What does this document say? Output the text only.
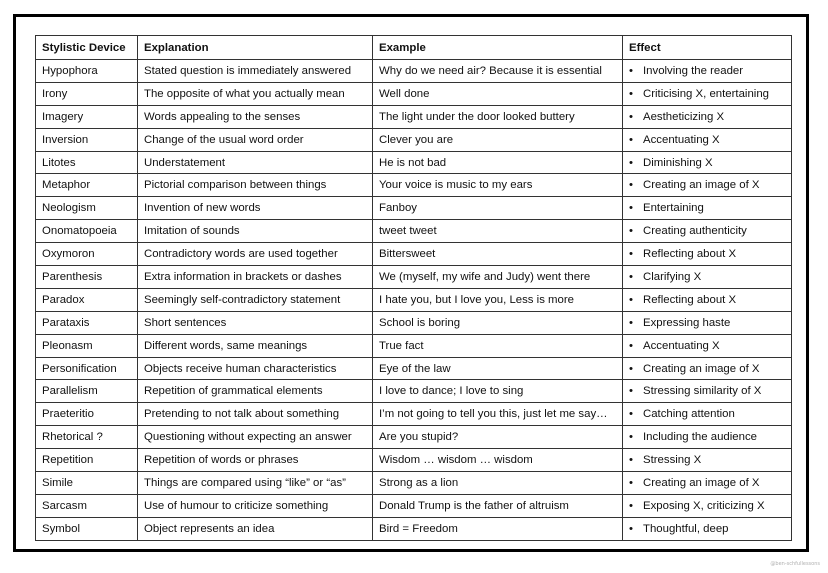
Stylistic Device	Explanation	Example	Effect
Hypophora	Stated question is immediately answered	Why do we need air? Because it is essential	• Involving the reader
Irony	The opposite of what you actually mean	Well done	• Criticising X, entertaining
Imagery	Words appealing to the senses	The light under the door looked buttery	• Aestheticizing X
Inversion	Change of the usual word order	Clever you are	• Accentuating X
Litotes	Understatement	He is not bad	• Diminishing X
Metaphor	Pictorial comparison between things	Your voice is music to my ears	• Creating an image of X
Neologism	Invention of new words	Fanboy	• Entertaining
Onomatopoeia	Imitation of sounds	tweet tweet	• Creating authenticity
Oxymoron	Contradictory words are used together	Bittersweet	• Reflecting about X
Parenthesis	Extra information in brackets or dashes	We (myself, my wife and Judy) went there	• Clarifying X
Paradox	Seemingly self-contradictory statement	I hate you, but I love you, Less is more	• Reflecting about X
Parataxis	Short sentences	School is boring	• Expressing haste
Pleonasm	Different words, same meanings	True fact	• Accentuating X
Personification	Objects receive human characteristics	Eye of the law	• Creating an image of X
Parallelism	Repetition of grammatical elements	I love to dance; I love to sing	• Stressing similarity of X
Praeteritio	Pretending to not talk about something	I’m not going to tell you this, just let me say…	• Catching attention
Rhetorical ?	Questioning without expecting an answer	Are you stupid?	• Including the audience
Repetition	Repetition of words or phrases	Wisdom … wisdom … wisdom	• Stressing X
Simile	Things are compared using “like” or “as”	Strong as a lion	• Creating an image of X
Sarcasm	Use of humour to criticize something	Donald Trump is the father of altruism	• Exposing X, criticizing X
Symbol	Object represents an idea	Bird = Freedom	• Thoughtful, deep
@ben-schfullessons
